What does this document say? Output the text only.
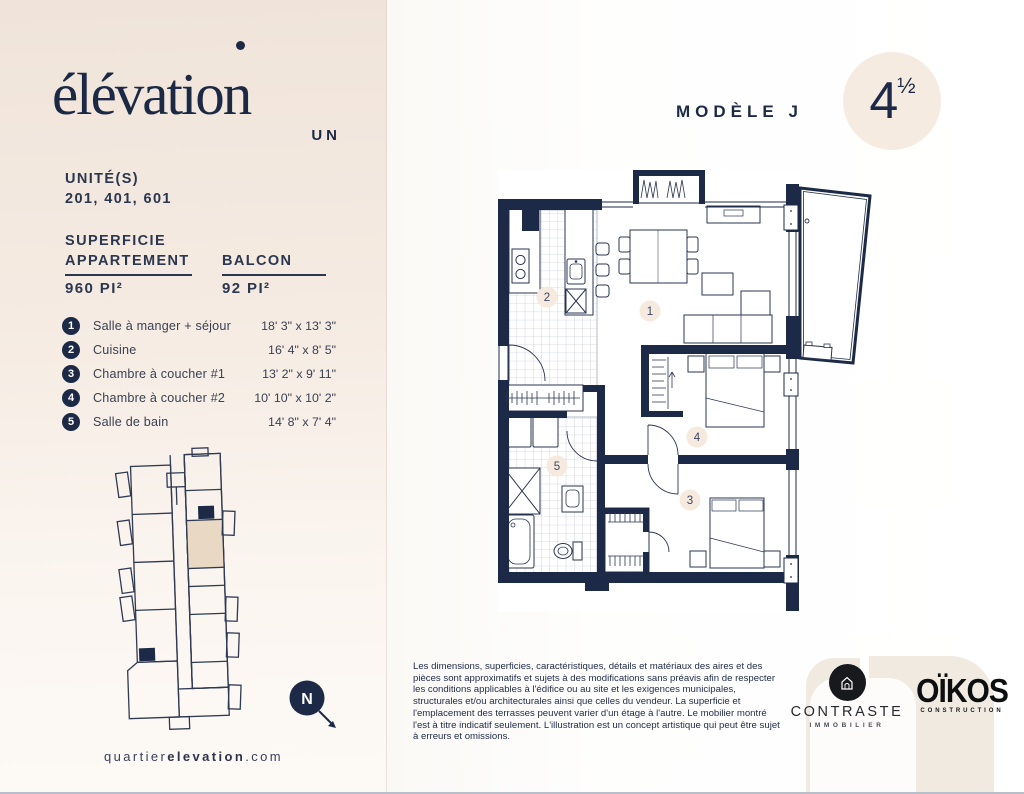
élévation
UN
UNITÉ(S)
201, 401, 601
SUPERFICIE
APPARTEMENT BALCON
960 PI²	92 PI²
1	Salle à manger + séjour	18' 3" x 13' 3"
2	Cuisine	16' 4" x 8' 5"
3	Chambre à coucher #1	13' 2" x 9' 11"
4	Chambre à coucher #2	10' 10" x 10' 2"
5	Salle de bain	14' 8" x 7' 4"
N
quartierelevation.com
MODÈLE J 4 ½
1
2
3
4
5
Les dimensions, superficies, caractéristiques, détails et matériaux des aires et des pièces sont approximatifs et sujets à des modifications sans préavis afin de respecter les conditions applicables à l'édifice ou au site et les exigences municipales, structurales et/ou architecturales ainsi que celles du vendeur. La superficie et l'emplacement des terrasses peuvent varier d'un étage à l'autre. Le mobilier montré l'est à titre indicatif seulement. L'illustration est un concept artistique qui peut être sujet à erreurs et omissions.
CONTRASTE
IMMOBILIER
OÏKOS
CONSTRUCTION
